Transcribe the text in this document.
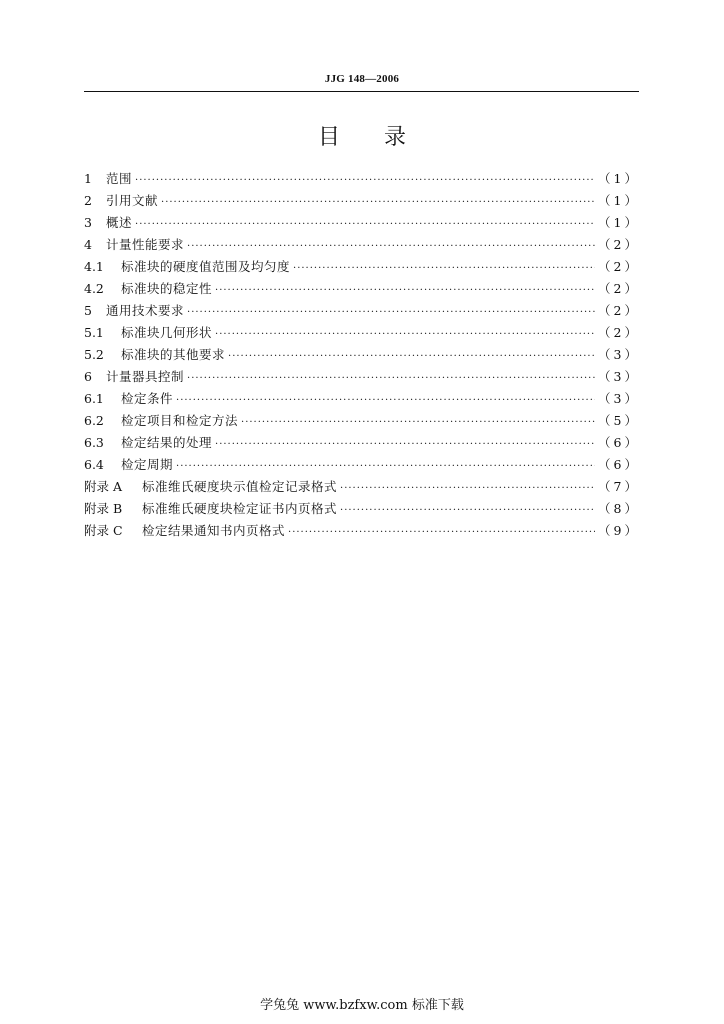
JJG 148—2006
目 录
1	范围 ·····	（1）
2	引用文献 ·····	（1）
3	概述 ·····	（1）
4	计量性能要求 ·····	（2）
4.1	标准块的硬度值范围及均匀度 ·····	（2）
4.2	标准块的稳定性 ·····	（2）
5	通用技术要求 ·····	（2）
5.1	标准块几何形状 ·····	（2）
5.2	标准块的其他要求 ·····	（3）
6	计量器具控制 ·····	（3）
6.1	检定条件 ·····	（3）
6.2	检定项目和检定方法 ·····	（5）
6.3	检定结果的处理 ·····	（6）
6.4	检定周期 ·····	（6）
附录 A	标准维氏硬度块示值检定记录格式 ·····	（7）
附录 B	标准维氏硬度块检定证书内页格式 ·····	（8）
附录 C	检定结果通知书内页格式 ·····	（9）
学兔兔 www.bzfxw.com 标准下载
